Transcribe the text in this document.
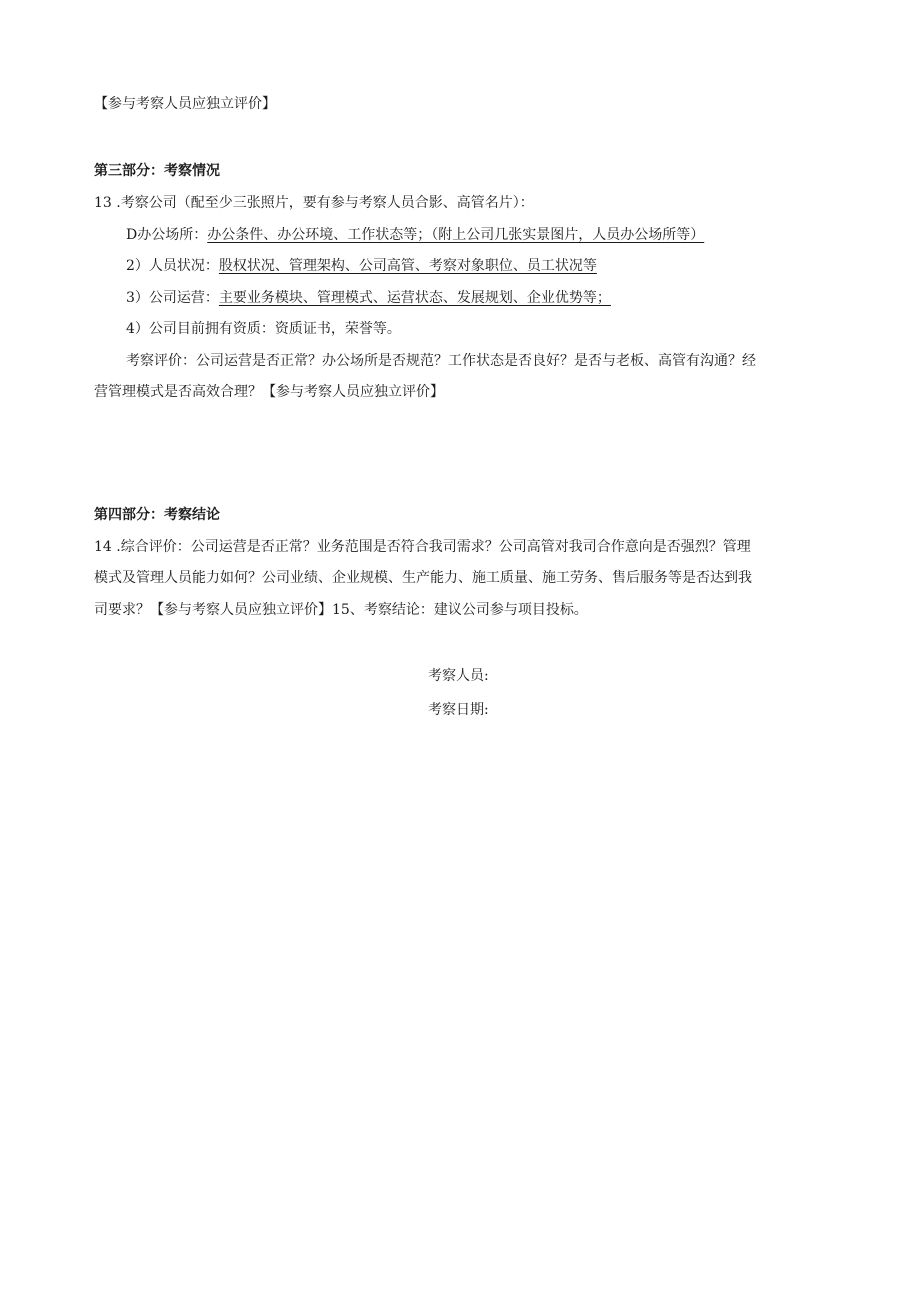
【参与考察人员应独立评价】
第三部分：考察情况
13 .考察公司（配至少三张照片，要有参与考察人员合影、高管名片）：
D办公场所：办公条件、办公环境、工作状态等；（附上公司几张实景图片，人员办公场所等）
2）人员状况：股权状况、管理架构、公司高管、考察对象职位、员工状况等
3）公司运营：主要业务模块、管理模式、运营状态、发展规划、企业优势等；
4）公司目前拥有资质：资质证书，荣誉等。
考察评价：公司运营是否正常？办公场所是否规范？工作状态是否良好？是否与老板、高管有沟通？经
营管理模式是否高效合理？【参与考察人员应独立评价】
第四部分：考察结论
14 .综合评价：公司运营是否正常？业务范围是否符合我司需求？公司高管对我司合作意向是否强烈？管理
模式及管理人员能力如何？公司业绩、企业规模、生产能力、施工质量、施工劳务、售后服务等是否达到我
司要求？【参与考察人员应独立评价】15、考察结论：建议公司参与项目投标。
考察人员:
考察日期:
